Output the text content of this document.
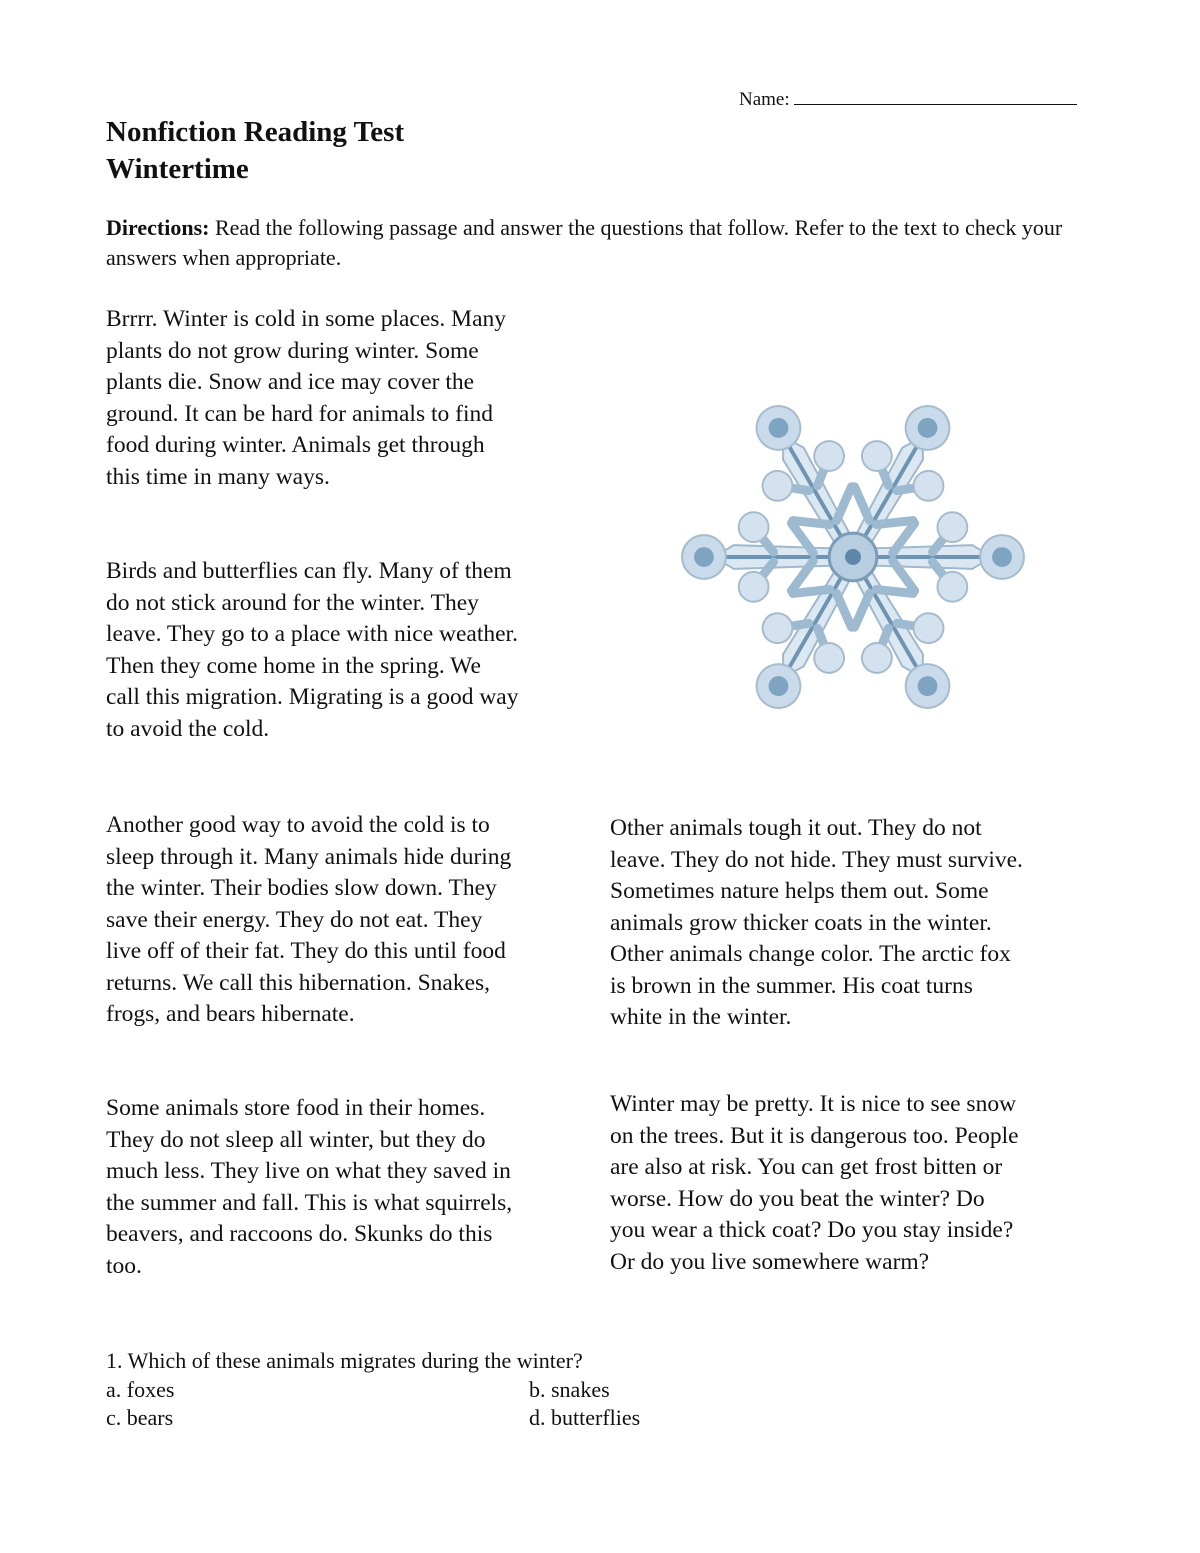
Name:
Nonfiction Reading Test
Wintertime
Directions: Read the following passage and answer the questions that follow. Refer to the text to check your answers when appropriate.
Brrrr. Winter is cold in some places. Many
plants do not grow during winter. Some
plants die. Snow and ice may cover the
ground. It can be hard for animals to find
food during winter. Animals get through
this time in many ways.
Birds and butterflies can fly. Many of them
do not stick around for the winter. They
leave. They go to a place with nice weather.
Then they come home in the spring. We
call this migration. Migrating is a good way
to avoid the cold.
Another good way to avoid the cold is to
sleep through it. Many animals hide during
the winter. Their bodies slow down. They
save their energy. They do not eat. They
live off of their fat. They do this until food
returns. We call this hibernation. Snakes,
frogs, and bears hibernate.
Other animals tough it out. They do not
leave. They do not hide. They must survive.
Sometimes nature helps them out. Some
animals grow thicker coats in the winter.
Other animals change color. The arctic fox
is brown in the summer. His coat turns
white in the winter.
Some animals store food in their homes.
They do not sleep all winter, but they do
much less. They live on what they saved in
the summer and fall. This is what squirrels,
beavers, and raccoons do. Skunks do this
too.
Winter may be pretty. It is nice to see snow
on the trees. But it is dangerous too. People
are also at risk. You can get frost bitten or
worse. How do you beat the winter? Do
you wear a thick coat? Do you stay inside?
Or do you live somewhere warm?
1. Which of these animals migrates during the winter?
a. foxes	b. snakes
c. bears	d. butterflies
